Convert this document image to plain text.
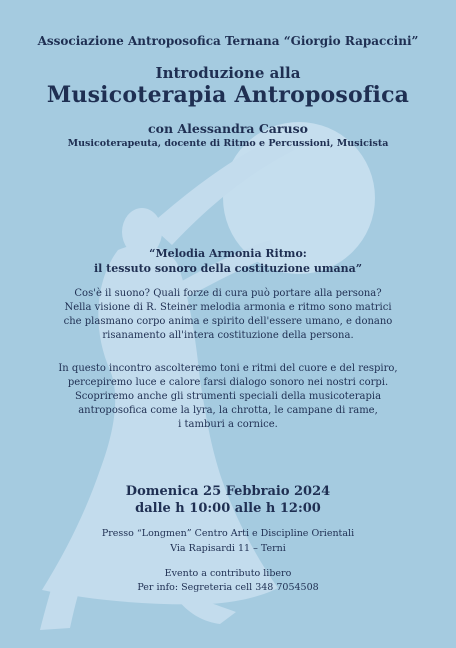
Associazione Antroposofica Ternana “Giorgio Rapaccini”
Introduzione alla
Musicoterapia Antroposofica
con Alessandra Caruso
Musicoterapeuta, docente di Ritmo e Percussioni, Musicista
“Melodia Armonia Ritmo:
il tessuto sonoro della costituzione umana”
Cos'è il suono? Quali forze di cura può portare alla persona?
Nella visione di R. Steiner melodia armonia e ritmo sono matrici
che plasmano corpo anima e spirito dell'essere umano, e donano
risanamento all'intera costituzione della persona.
In questo incontro ascolteremo toni e ritmi del cuore e del respiro,
percepiremo luce e calore farsi dialogo sonoro nei nostri corpi.
Scopriremo anche gli strumenti speciali della musicoterapia
antroposofica come la lyra, la chrotta, le campane di rame,
i tamburi a cornice.
Domenica 25 Febbraio 2024
dalle h 10:00 alle h 12:00
Presso “Longmen” Centro Arti e Discipline Orientali
Via Rapisardi 11 – Terni
Evento a contributo libero
Per info: Segreteria cell 348 7054508
